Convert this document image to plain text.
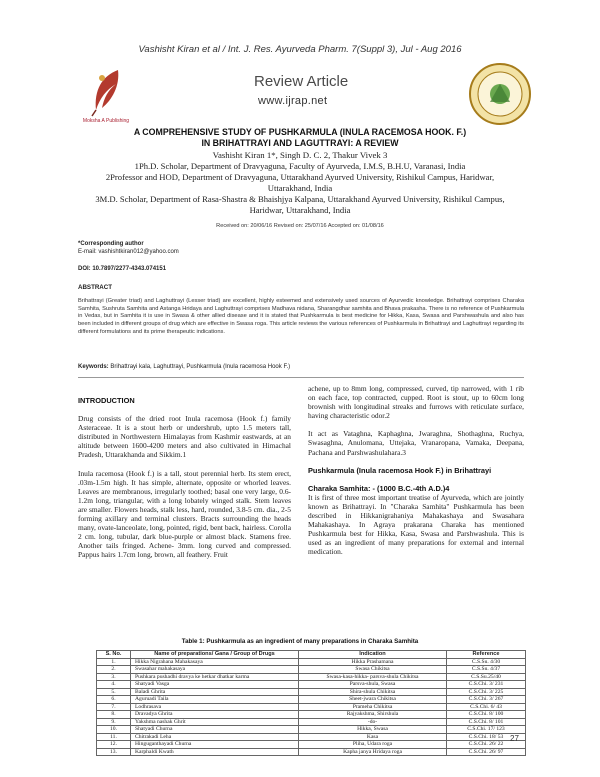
Vashisht Kiran et al / Int. J. Res. Ayurveda Pharm. 7(Suppl 3), Jul - Aug 2016
Moksha A Publishing
Review Article
www.ijrap.net
A COMPREHENSIVE STUDY OF PUSHKARMULA (INULA RACEMOSA HOOK. F.)
IN BRIHATTRAYI AND LAGUTTRAYI: A REVIEW
Vashisht Kiran 1*, Singh D. C. 2, Thakur Vivek 3
1Ph.D. Scholar, Department of Dravyaguna, Faculty of Ayurveda, I.M.S, B.H.U, Varanasi, India
2Professor and HOD, Department of Dravyaguna, Uttarakhand Ayurved University, Rishikul Campus, Haridwar, Uttarakhand, India
3M.D. Scholar, Department of Rasa-Shastra & Bhaishjya Kalpana, Uttarakhand Ayurved University, Rishikul Campus, Haridwar, Uttarakhand, India
Received on: 20/06/16 Revised on: 25/07/16 Accepted on: 01/08/16
*Corresponding author
E-mail: vashishtkiran012@yahoo.com
DOI: 10.7897/2277-4343.074151
ABSTRACT
Brihattrayi (Greater triad) and Laghuttrayi (Lesser triad) are excellent, highly esteemed and extensively used sources of Ayurvedic knowledge. Brihattrayi comprises Charaka Samhita, Sushruta Samhita and Astanga Hridaya and Laghuttrayi comprises Madhava nidana, Sharangdhar samhita and Bhava prakasha. There is no reference of Pushkarmula in Vedas, but in Samhita it is use in Swasa & other allied disease and it is stated that Pushkarmula is best medicine for Hikka, Kasa, Swasa and Parshwashula and also has been included in different groups of drug which are effective in Swasa roga. This article reviews the various references of Pushkarmula in Brihattrayi and Laghuttrayi regarding its different formulations and its prime therapeutic indications.
Keywords: Brihattrayi kala, Laghuttrayi, Pushkarmula (Inula racemosa Hook F.)

INTRODUCTION

Drug consists of the dried root Inula racemosa (Hook f.) family Asteraceae. It is a stout herb or undershrub, upto 1.5 meters tall, distributed in Northwestern Himalayas from Kashmir eastwards, at an altitude between 1600-4200 meters and also cultivated in Himachal Pradesh, Uttarakhanda and Sikkim.1

Inula racemosa (Hook f.) is a tall, stout perennial herb. Its stem erect, .03m-1.5m high. It has simple, alternate, opposite or whorled leaves. Leaves are membranous, irregularly toothed; basal one very large, 0.6-1.2m long, triangular, with a long lobately winged stalk. Stem leaves are smaller. Flowers heads, stalk less, hard, rounded, 3.8-5 cm. dia., 2-5 forming axillary and terminal clusters. Bracts surrounding the heads many, ovate-lanceolate, long, pointed, rigid, bent back, hairless. Corolla 2 cm. long, tubular, dark blue-purple or almost black. Stamens free. Another tails fringed. Achene- 3mm. long curved and compressed. Pappus hairs 1.7cm long, brown, all feathery. Fruit

achene, up to 8mm long, compressed, curved, tip narrowed, with 1 rib on each face, top contracted, cupped. Root is stout, up to 60cm long brownish with longitudinal streaks and furrows with reticulate surface, having characteristic odor.2

It act as Vataghna, Kaphaghna, Jwaraghna, Shothaghna, Ruchya, Swasaghna, Anulomana, Uttejaka, Vranaropana, Vamaka, Deepana, Pachana and Parshwashulahara.3

Pushkarmula (Inula racemosa Hook F.) in Brihattrayi

Charaka Samhita: - (1000 B.C.-4th A.D.)4

It is first of three most important treatise of Ayurveda, which are jointly known as Brihattrayi. In "Charaka Samhita" Pushkarmula has been described in Hikkanigrahaniya Mahakashaya and Swasahara Mahakashaya. In Agraya prakarana Charaka has mentioned Pushkarmula best for Hikka, Kasa, Swasa and Parshwashula. This is used as an ingredient of many preparations for external and internal medication.

Table 1: Pushkarmula as an ingredient of many preparations in Charaka Samhita
S. No.	Name of preparations/ Gana / Group of Drugs	Indication	Reference
1.	Hikka Nigrahana Mahakasaya	Hikka Prashamana	C.S.Su. 4/30
2.	Swasahar mahakasaya	Swasa Chikitsa	C.S.Su. 4/37
3.	Pushkara pushadhi dravya ke hetkar dhatkar karma	Swasa-kasa-hikka- parsva-shula Chikitsa	C.S.Su.25/40
4.	Shatyadi Vasga	Parsva-shula, Swasa	C.S.Chi. 3/ 231
5.	Baladi Ghrita	Shira-shula Chikitsa	C.S.Chi. 3/ 225
6.	Aguruadi Taila	Sheet-jwara Chikitsa	C.S.Chi. 3/ 267
7.	Lodhrasava	Prameha Chikitsa	C.S.Chi. 6/ 43
8.	Dravadya Ghrita	Rajyakshma, Shirshula	C.S.Chi. 8/ 100
9.	Yakshma nashak Ghrit	-do-	C.S.Chi. 8/ 101
10.	Shatyadi Churna	Hikka, Swasa	C.S.Chi. 17/ 123
11.	Chitrakadi Leha	Kasa	C.S.Chi. 18/ 53
12.	Hinguganthayadi Churna	Pliha, Udara roga	C.S.Chi. 26/ 22
13.	Karphaldi Kwath	Kapha janya Hridaya roga	C.S.Chi. 26/ 97
27
